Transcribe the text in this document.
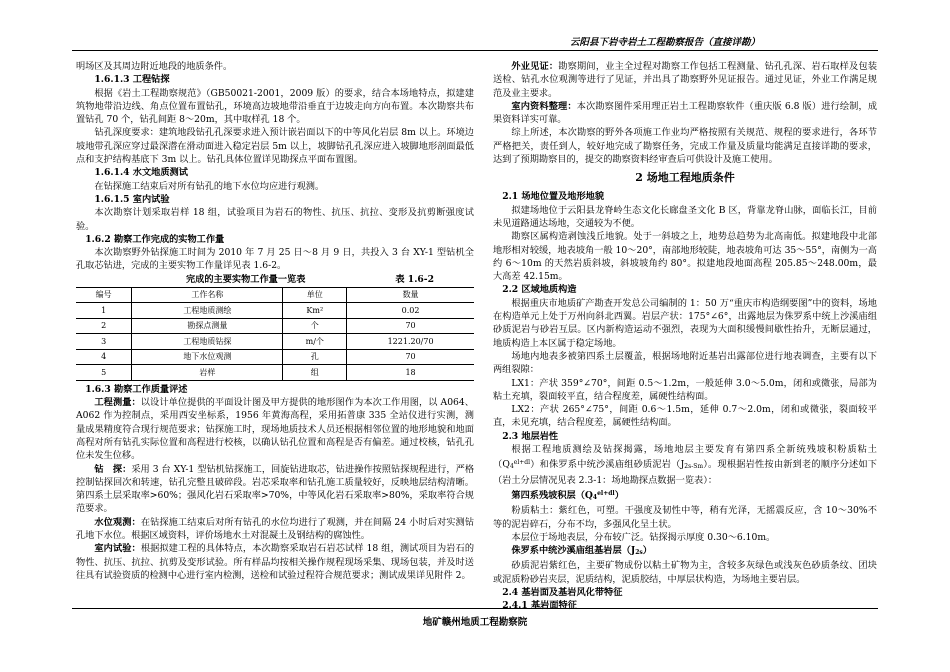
云阳县下岩寺岩土工程勘察报告（直接详勘）

明场区及其周边附近地段的地质条件。

1.6.1.3 工程钻探

根据《岩土工程勘察规范》（GB50021-2001，2009 版）的要求，结合本场地特点，拟建建筑物地带沿边线、角点位置布置钻孔，环境高边坡地带沿垂直于边坡走向方向布置。本次勘察共布置钻孔 70 个，钻孔间距 8～20m，其中取样孔 18 个。

钻孔深度要求：建筑地段钻孔孔深要求进入预计嵌岩面以下的中等风化岩层 8m 以上。环境边坡地带孔深应穿过最深潜在滑动面进入稳定岩层 5m 以上，坡脚钻孔孔深应进入坡脚地形剖面最低点和支护结构基底下 3m 以上。钻孔具体位置详见勘探点平面布置图。

1.6.1.4 水文地质测试

在钻探施工结束后对所有钻孔的地下水位均应进行观测。

1.6.1.5 室内试验

本次勘察计划采取岩样 18 组，试验项目为岩石的物性、抗压、抗拉、变形及抗剪断强度试验。

1.6.2 勘察工作完成的实物工作量

本次勘察野外钻探施工时间为 2010 年 7 月 25 日～8 月 9 日，共投入 3 台 XY-1 型钻机全孔取芯钻进，完成的主要实物工作量详见表 1.6-2。

完成的主要实物工作量一览表	表 1.6-2
编号	工作名称	单位	数量
1	工程地质测绘	Km²	0.02
2	勘探点测量	个	70
3	工程地质钻探	m/个	1221.20/70
4	地下水位观测	孔	70
5	岩样	组	18

1.6.3 勘察工作质量评述

工程测量：以设计单位提供的平面设计图及甲方提供的地形图作为本次工作用图，以 A064、A062 作为控制点，采用西安坐标系，1956 年黄海高程，采用拓普康 335 全站仪进行实测，测量成果精度符合现行规范要求；钻探施工时，现场地质技术人员还根据相邻位置的地形地貌和地面高程对所有钻孔实际位置和高程进行校核，以确认钻孔位置和高程是否有偏差。通过校核，钻孔孔位未发生位移。

钻　探：采用 3 台 XY-1 型钻机钻探施工，回旋钻进取芯，钻进操作按照钻探规程进行，严格控制钻探回次和转速，钻孔完整且破碎段。岩芯采取率和钻孔施工质量较好，反映地层结构清晰。第四系土层采取率>60%；强风化岩石采取率>70%，中等风化岩石采取率>80%，采取率符合规范要求。

水位观测：在钻探施工结束后对所有钻孔的水位均进行了观测，并在间隔 24 小时后对实测钻孔地下水位。根据区域资料，评价场地水土对混凝土及钢结构的腐蚀性。

室内试验：根据拟建工程的具体特点，本次勘察采取岩石岩芯试样 18 组，测试项目为岩石的物性、抗压、抗拉、抗剪及变形试验。所有样品均按相关操作规程现场采集、现场包装，并及时送往具有试验资质的检测中心进行室内检测，送检和试验过程符合规范要求；测试成果详见附件 2。

外业见证：勘察期间，业主全过程对勘察工作包括工程测量、钻孔孔深、岩石取样及包装送检、钻孔水位观测等进行了见证，并出具了勘察野外见证报告。通过见证，外业工作满足规范及业主要求。

室内资料整理：本次勘察图件采用理正岩土工程勘察软件（重庆版 6.8 版）进行绘制，成果资料详实可靠。

综上所述，本次勘察的野外各项施工作业均严格按照有关规范、规程的要求进行，各环节严格把关，责任到人，较好地完成了勘察任务，完成工作量及质量均能满足直接详勘的要求，达到了预期勘察目的，提交的勘察资料经审查后可供设计及施工使用。

2 场地工程地质条件

2.1 场地位置及地形地貌

拟建场地位于云阳县龙脊岭生态文化长廊盘圣文化 B 区，背靠龙脊山脉，面临长江，目前未见道路通达场地，交通较为不便。

勘察区属构造剥蚀浅丘地貌。处于一斜坡之上，地势总趋势为北高南低。拟建地段中北部地形相对较缓，地表坡角一般 10～20°，南部地形较陡，地表坡角可达 35～55°，南侧为一高约 6～10m 的天然岩质斜坡，斜坡坡角约 80°。拟建地段地面高程 205.85～248.00m，最大高差 42.15m。

2.2 区域地质构造

根据重庆市地质矿产勘查开发总公司编制的 1：50 万“重庆市构造纲要图”中的资料，场地在构造单元上处于万州向斜北西翼。岩层产状：175°∠6°，出露地层为侏罗系中统上沙溪庙组砂质泥岩与砂岩互层。区内新构造运动不强烈，表现为大面积缓慢间歇性抬升，无断层通过，地质构造上本区属于稳定场地。

场地内地表多被第四系土层覆盖，根据场地附近基岩出露部位进行地表调查，主要有以下两组裂隙：

LX1：产状 359°∠70°，间距 0.5～1.2m，一般延伸 3.0～5.0m，闭和或微张，局部为粘土充填，裂面较平直，结合程度差，属硬性结构面。

LX2：产状 265°∠75°，间距 0.6～1.5m，延伸 0.7～2.0m，闭和或微张，裂面较平直，未见充填，结合程度差，属硬性结构面。

2.3 地层岩性

根据工程地质测绘及钻探揭露，场地地层主要发育有第四系全新统残坡积粉质粘土$(Q_4^{el+dl})$和侏罗系中统沙溪庙组砂质泥岩$(J_{2s-Sm})$。现根据岩性按由新到老的顺序分述如下（岩土分层情况见表 2.3-1：场地勘探点数据一览表）：

第四系残坡积层$(Q_4^{el+dl})$

粉质粘土：紫红色，可塑。干强度及韧性中等，稍有光泽，无摇震反应，含 10～30%不等的泥岩碎石，分布不均，多强风化呈土状。

本层位于场地表层，分布较广泛。钻探揭示厚度 0.30～6.10m。

侏罗系中统沙溪庙组基岩层$(J_{2s})$

砂质泥岩紫红色，主要矿物成份以粘土矿物为主，含较多灰绿色或浅灰色砂质条纹、团块或泥质粉砂岩夹层，泥质结构，泥质胶结，中厚层状构造，为场地主要岩层。

2.4 基岩面及基岩风化带特征

2.4.1 基岩面特征

地矿赣州地质工程勘察院
